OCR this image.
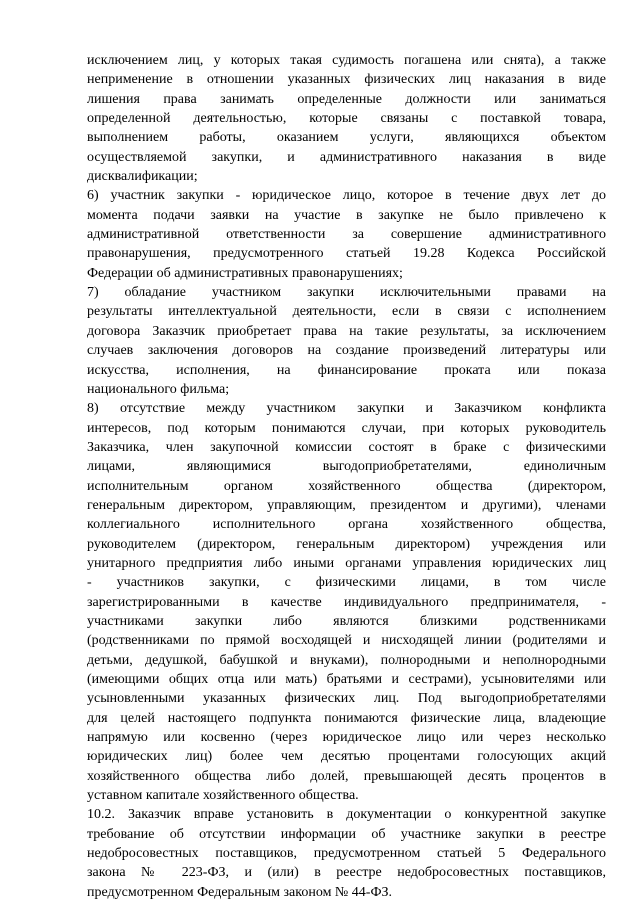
исключением лиц, у которых такая судимость погашена или снята), а также
неприменение в отношении указанных физических лиц наказания в виде
лишения права занимать определенные должности или заниматься
определенной деятельностью, которые связаны с поставкой товара,
выполнением работы, оказанием услуги, являющихся объектом
осуществляемой закупки, и административного наказания в виде
дисквалификации;
6) участник закупки - юридическое лицо, которое в течение двух лет до
момента подачи заявки на участие в закупке не было привлечено к
административной ответственности за совершение административного
правонарушения, предусмотренного статьей 19.28 Кодекса Российской
Федерации об административных правонарушениях;
7) обладание участником закупки исключительными правами на
результаты интеллектуальной деятельности, если в связи с исполнением
договора Заказчик приобретает права на такие результаты, за исключением
случаев заключения договоров на создание произведений литературы или
искусства, исполнения, на финансирование проката или показа
национального фильма;
8) отсутствие между участником закупки и Заказчиком конфликта
интересов, под которым понимаются случаи, при которых руководитель
Заказчика, член закупочной комиссии состоят в браке с физическими
лицами, являющимися выгодоприобретателями, единоличным
исполнительным органом хозяйственного общества (директором,
генеральным директором, управляющим, президентом и другими), членами
коллегиального исполнительного органа хозяйственного общества,
руководителем (директором, генеральным директором) учреждения или
унитарного предприятия либо иными органами управления юридических лиц
- участников закупки, с физическими лицами, в том числе
зарегистрированными в качестве индивидуального предпринимателя, -
участниками закупки либо являются близкими родственниками
(родственниками по прямой восходящей и нисходящей линии (родителями и
детьми, дедушкой, бабушкой и внуками), полнородными и неполнородными
(имеющими общих отца или мать) братьями и сестрами), усыновителями или
усыновленными указанных физических лиц. Под выгодоприобретателями
для целей настоящего подпункта понимаются физические лица, владеющие
напрямую или косвенно (через юридическое лицо или через несколько
юридических лиц) более чем десятью процентами голосующих акций
хозяйственного общества либо долей, превышающей десять процентов в
уставном капитале хозяйственного общества.
10.2. Заказчик вправе установить в документации о конкурентной закупке
требование об отсутствии информации об участнике закупки в реестре
недобросовестных поставщиков, предусмотренном статьей 5 Федерального
закона № 223-ФЗ, и (или) в реестре недобросовестных поставщиков,
предусмотренном Федеральным законом № 44-ФЗ.
